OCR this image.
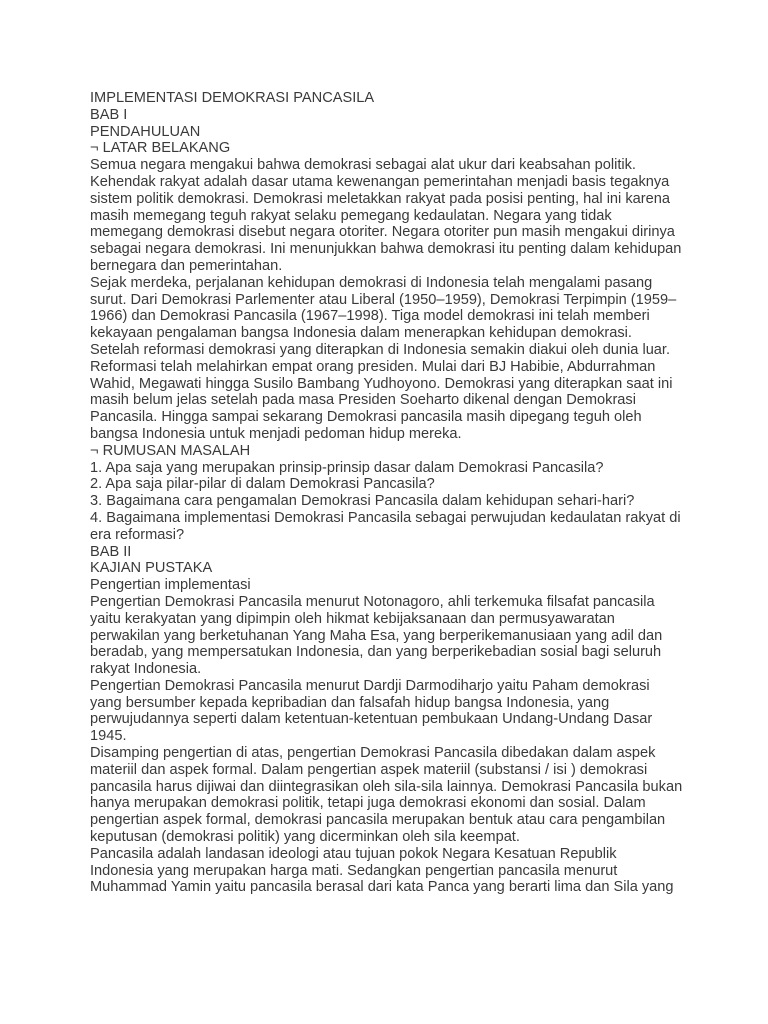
IMPLEMENTASI DEMOKRASI PANCASILA
BAB I
PENDAHULUAN
¬ LATAR BELAKANG
Semua negara mengakui bahwa demokrasi sebagai alat ukur dari keabsahan politik.
Kehendak rakyat adalah dasar utama kewenangan pemerintahan menjadi basis tegaknya
sistem politik demokrasi. Demokrasi meletakkan rakyat pada posisi penting, hal ini karena
masih memegang teguh rakyat selaku pemegang kedaulatan. Negara yang tidak
memegang demokrasi disebut negara otoriter. Negara otoriter pun masih mengakui dirinya
sebagai negara demokrasi. Ini menunjukkan bahwa demokrasi itu penting dalam kehidupan
bernegara dan pemerintahan.
Sejak merdeka, perjalanan kehidupan demokrasi di Indonesia telah mengalami pasang
surut. Dari Demokrasi Parlementer atau Liberal (1950–1959), Demokrasi Terpimpin (1959–
1966) dan Demokrasi Pancasila (1967–1998). Tiga model demokrasi ini telah memberi
kekayaan pengalaman bangsa Indonesia dalam menerapkan kehidupan demokrasi.
Setelah reformasi demokrasi yang diterapkan di Indonesia semakin diakui oleh dunia luar.
Reformasi telah melahirkan empat orang presiden. Mulai dari BJ Habibie, Abdurrahman
Wahid, Megawati hingga Susilo Bambang Yudhoyono. Demokrasi yang diterapkan saat ini
masih belum jelas setelah pada masa Presiden Soeharto dikenal dengan Demokrasi
Pancasila. Hingga sampai sekarang Demokrasi pancasila masih dipegang teguh oleh
bangsa Indonesia untuk menjadi pedoman hidup mereka.
¬ RUMUSAN MASALAH
1. Apa saja yang merupakan prinsip-prinsip dasar dalam Demokrasi Pancasila?
2. Apa saja pilar-pilar di dalam Demokrasi Pancasila?
3. Bagaimana cara pengamalan Demokrasi Pancasila dalam kehidupan sehari-hari?
4. Bagaimana implementasi Demokrasi Pancasila sebagai perwujudan kedaulatan rakyat di
era reformasi?
BAB II
KAJIAN PUSTAKA
Pengertian implementasi
Pengertian Demokrasi Pancasila menurut Notonagoro, ahli terkemuka filsafat pancasila
yaitu kerakyatan yang dipimpin oleh hikmat kebijaksanaan dan permusyawaratan
perwakilan yang berketuhanan Yang Maha Esa, yang berperikemanusiaan yang adil dan
beradab, yang mempersatukan Indonesia, dan yang berperikebadian sosial bagi seluruh
rakyat Indonesia.
Pengertian Demokrasi Pancasila menurut Dardji Darmodiharjo yaitu Paham demokrasi
yang bersumber kepada kepribadian dan falsafah hidup bangsa Indonesia, yang
perwujudannya seperti dalam ketentuan-ketentuan pembukaan Undang-Undang Dasar
1945.
Disamping pengertian di atas, pengertian Demokrasi Pancasila dibedakan dalam aspek
materiil dan aspek formal. Dalam pengertian aspek materiil (substansi / isi ) demokrasi
pancasila harus dijiwai dan diintegrasikan oleh sila-sila lainnya. Demokrasi Pancasila bukan
hanya merupakan demokrasi politik, tetapi juga demokrasi ekonomi dan sosial. Dalam
pengertian aspek formal, demokrasi pancasila merupakan bentuk atau cara pengambilan
keputusan (demokrasi politik) yang dicerminkan oleh sila keempat.
Pancasila adalah landasan ideologi atau tujuan pokok Negara Kesatuan Republik
Indonesia yang merupakan harga mati. Sedangkan pengertian pancasila menurut
Muhammad Yamin yaitu pancasila berasal dari kata Panca yang berarti lima dan Sila yang
